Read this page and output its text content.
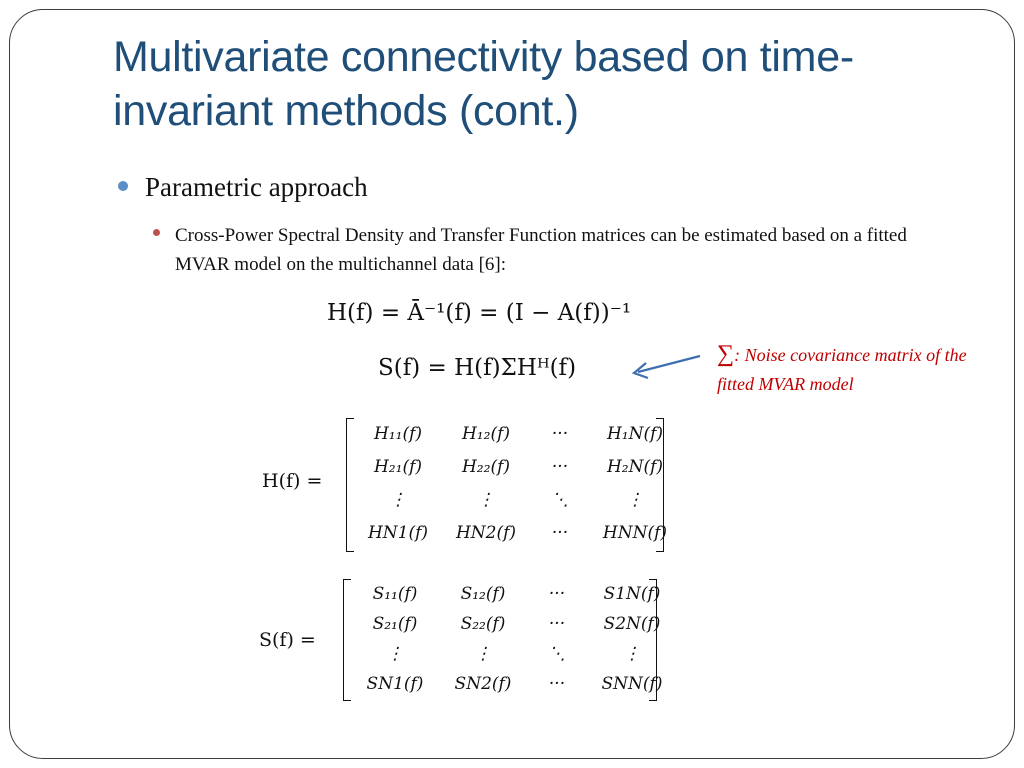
Multivariate connectivity based on time-invariant methods (cont.)
Parametric approach
Cross-Power Spectral Density and Transfer Function matrices can be estimated based on a fitted MVAR model on the multichannel data [6]:
H(f) = Ā⁻¹(f) = (I − A(f))⁻¹
S(f) = H(f)ΣHᴴ(f)
∑: Noise covariance matrix of the fitted MVAR model
H(f) =
H₁₁(f)	H₁₂(f)	···	H₁N(f)
H₂₁(f)	H₂₂(f)	···	H₂N(f)
⋮	⋮	⋱	⋮
HN1(f)	HN2(f)	···	HNN(f)
S(f) =
S₁₁(f)	S₁₂(f)	···	S1N(f)
S₂₁(f)	S₂₂(f)	···	S2N(f)
⋮	⋮	⋱	⋮
SN1(f)	SN2(f)	···	SNN(f)
